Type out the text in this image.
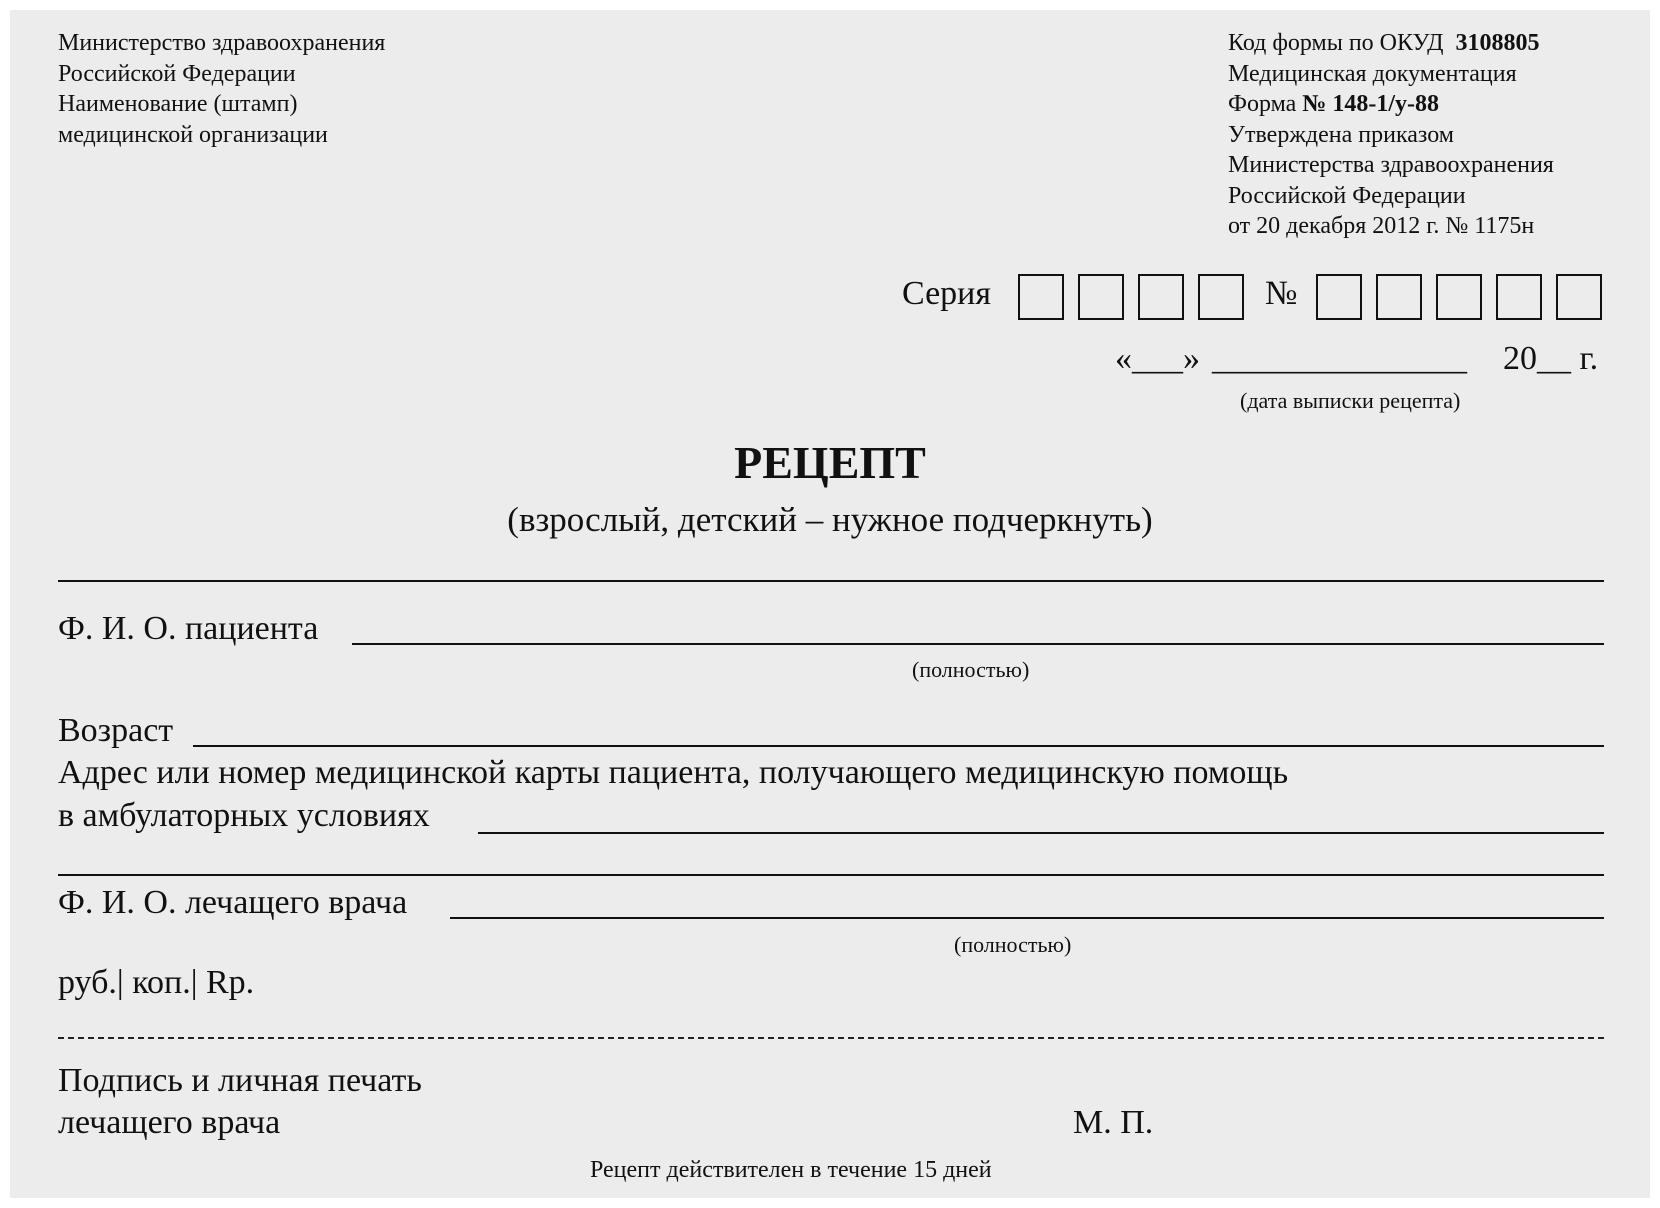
Министерство здравоохранения
Российской Федерации
Наименование (штамп)
медицинской организации
Код формы по ОКУД 3108805
Медицинская документация
Форма № 148-1/у-88
Утверждена приказом
Министерства здравоохранения
Российской Федерации
от 20 декабря 2012 г. № 1175н
Серия	№
«___» _______________ 20__ г.
(дата выписки рецепта)
РЕЦЕПТ
(взрослый, детский – нужное подчеркнуть)
Ф. И. О. пациента
(полностью)
Возраст
Адрес или номер медицинской карты пациента, получающего медицинскую помощь
в амбулаторных условиях
Ф. И. О. лечащего врача
(полностью)
руб.| коп.| Rp.
Подпись и личная печать
лечащего врача	М. П.
Рецепт действителен в течение 15 дней
